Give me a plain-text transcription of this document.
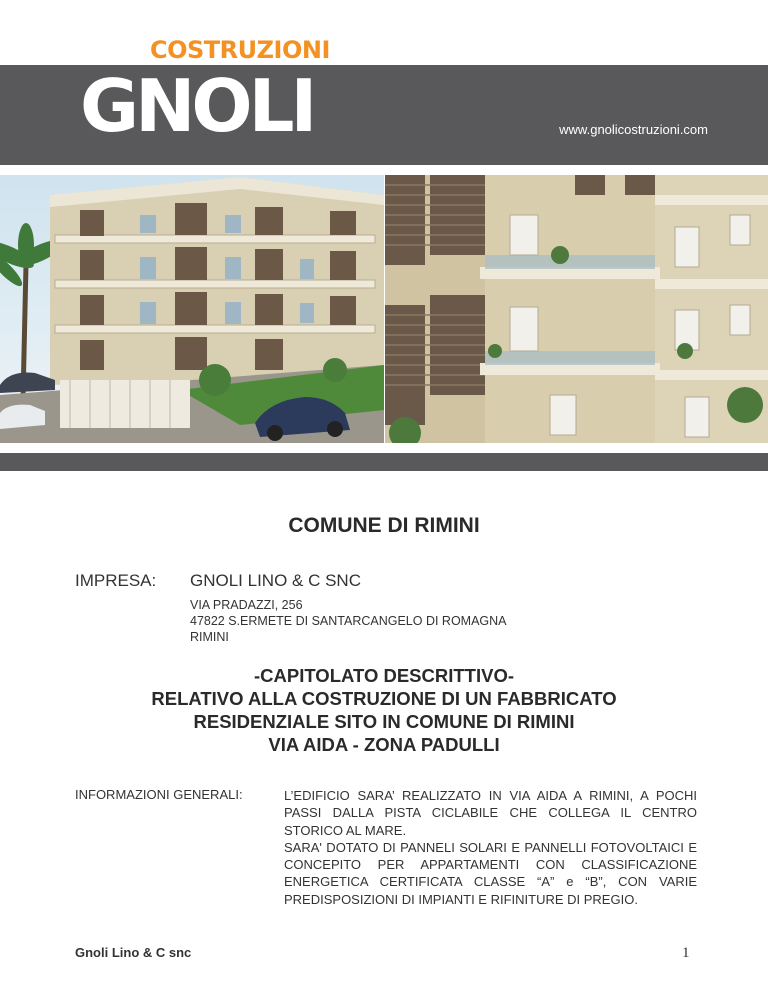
COSTRUZIONI
GNOLI	www.gnolicostruzioni.com
COMUNE DI RIMINI
IMPRESA: GNOLI LINO & C SNC
VIA PRADAZZI, 256
47822 S.ERMETE DI SANTARCANGELO DI ROMAGNA
RIMINI
-CAPITOLATO DESCRITTIVO-
RELATIVO ALLA COSTRUZIONE DI UN FABBRICATO
RESIDENZIALE SITO IN COMUNE DI RIMINI
VIA AIDA - ZONA PADULLI
INFORMAZIONI GENERALI:	L’EDIFICIO SARA’ REALIZZATO IN VIA AIDA A RIMINI, A POCHI PASSI DALLA PISTA CICLABILE CHE COLLEGA IL CENTRO STORICO AL MARE.

SARA' DOTATO DI PANNELI SOLARI E PANNELLI FOTOVOLTAICI E CONCEPITO PER APPARTAMENTI CON CLASSIFICAZIONE ENERGETICA CERTIFICATA CLASSE “A” e “B”, CON VARIE PREDISPOSIZIONI DI IMPIANTI E RIFINITURE DI PREGIO.

Gnoli Lino & C snc	1
